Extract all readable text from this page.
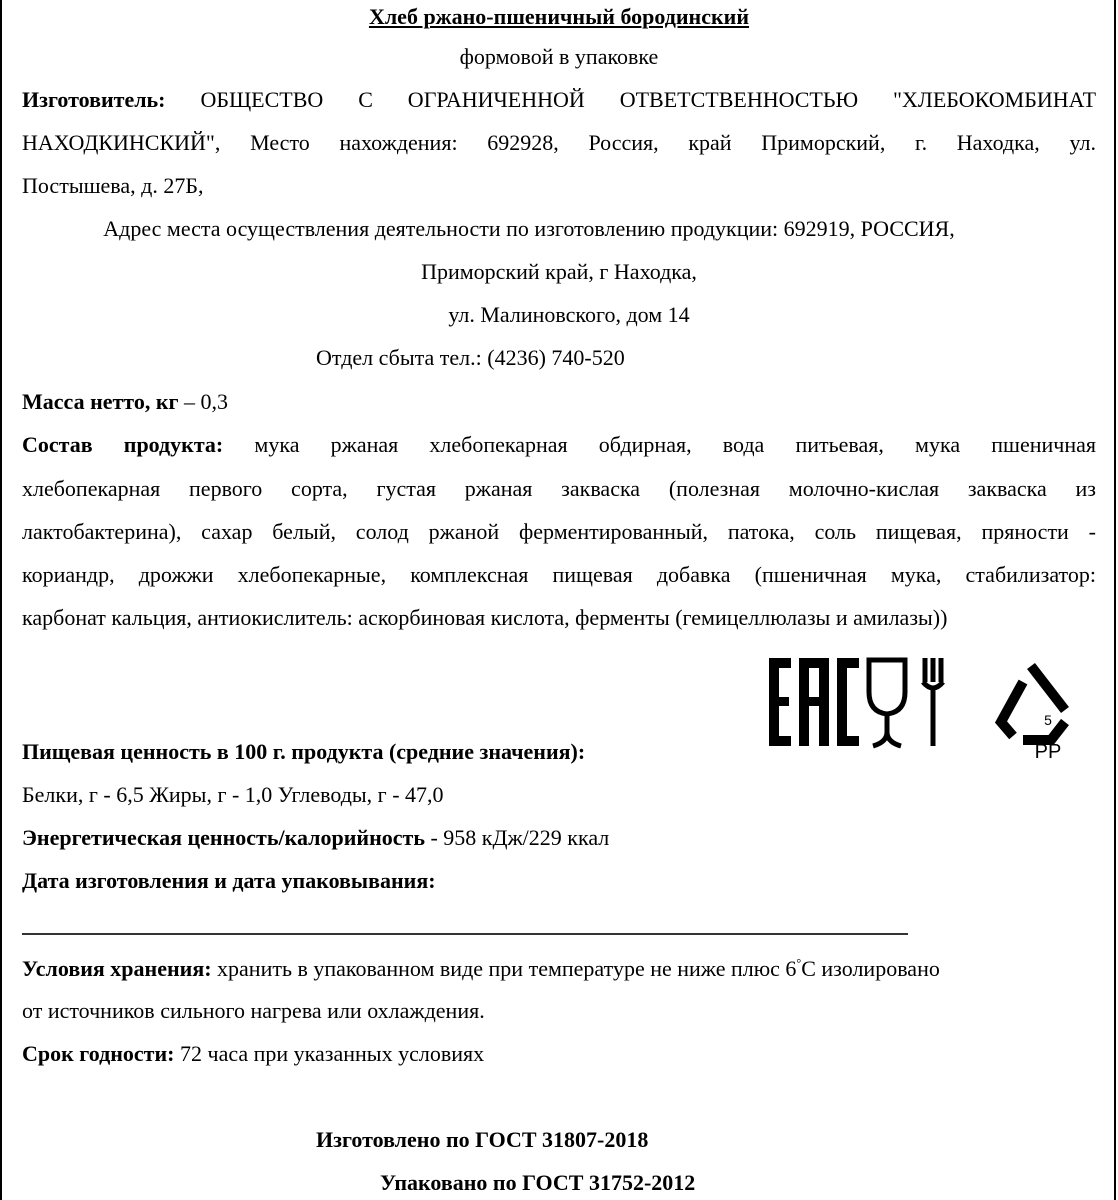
Хлеб ржано-пшеничный бородинский
формовой в упаковке
Изготовитель: ОБЩЕСТВО С ОГРАНИЧЕННОЙ ОТВЕТСТВЕННОСТЬЮ "ХЛЕБОКОМБИНАТ
НАХОДКИНСКИЙ", Место нахождения: 692928, Россия, край Приморский, г. Находка, ул.
Постышева, д. 27Б,
Адрес места осуществления деятельности по изготовлению продукции: 692919, РОССИЯ,
Приморский край, г Находка,
ул. Малиновского, дом 14
Отдел сбыта тел.: (4236) 740-520
Масса нетто, кг – 0,3
Состав продукта: мука ржаная хлебопекарная обдирная, вода питьевая, мука пшеничная
хлебопекарная первого сорта, густая ржаная закваска (полезная молочно-кислая закваска из
лактобактерина), сахар белый, солод ржаной ферментированный, патока, соль пищевая, пряности -
кориандр, дрожжи хлебопекарные, комплексная пищевая добавка (пшеничная мука, стабилизатор:
карбонат кальция, антиокислитель: аскорбиновая кислота, ферменты (гемицеллюлазы и амилазы))
5
PP
Пищевая ценность в 100 г. продукта (средние значения):
Белки, г - 6,5 Жиры, г - 1,0 Углеводы, г - 47,0
Энергетическая ценность/калорийность - 958 кДж/229 ккал
Дата изготовления и дата упаковывания:
Условия хранения: хранить в упакованном виде при температуре не ниже плюс 6°С изолировано
от источников сильного нагрева или охлаждения.
Срок годности: 72 часа при указанных условиях
Изготовлено по ГОСТ 31807-2018
Упаковано по ГОСТ 31752-2012
